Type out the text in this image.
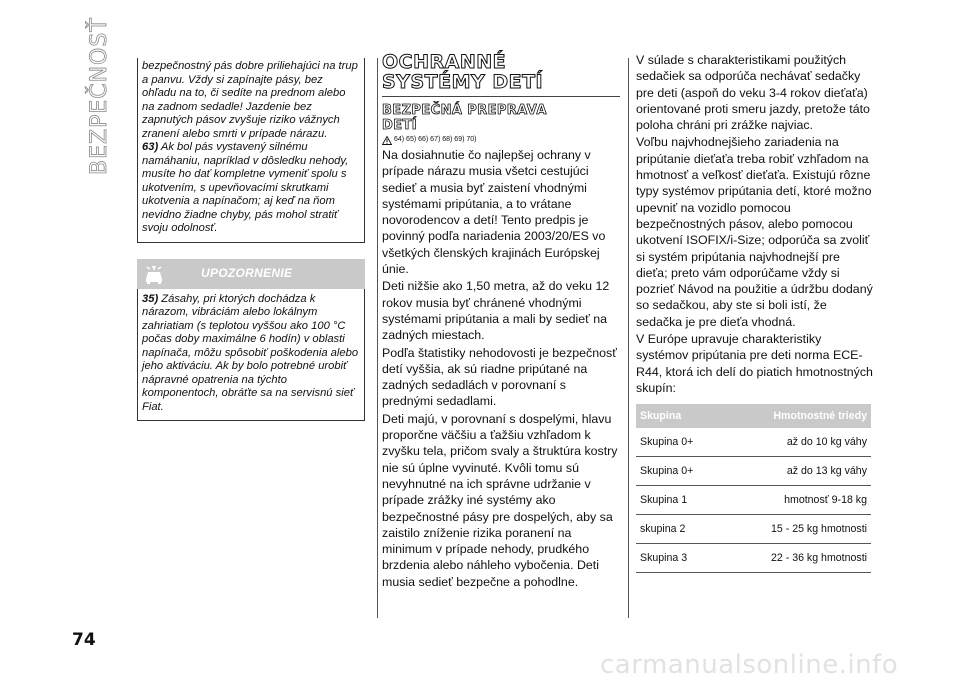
BEZPEČNOSŤ	bezpečnostný pás dobre priliehajúci na trup a panvu. Vždy si zapínajte pásy, bez ohľadu na to, či sedíte na prednom alebo na zadnom sedadle! Jazdenie bez zapnutých pásov zvyšuje riziko vážnych zranení alebo smrti v prípade nárazu.

63) Ak bol pás vystavený silnému namáhaniu, napríklad v dôsledku nehody, musíte ho dať kompletne vymeniť spolu s ukotvením, s upevňovacími skrutkami ukotvenia a napínačom; aj keď na ňom nevidno žiadne chyby, pás mohol stratiť svoju odolnosť.

UPOZORNENIE

35) Zásahy, pri ktorých dochádza k nárazom, vibráciám alebo lokálnym zahriatiam (s teplotou vyššou ako 100 °C počas doby maximálne 6 hodín) v oblasti napínača, môžu spôsobiť poškodenia alebo jeho aktiváciu. Ak by bolo potrebné urobiť nápravné opatrenia na týchto komponentoch, obráťte sa na servisnú sieť Fiat.

OCHRANNÉ
SYSTÉMY DETÍ
BEZPEČNÁ PREPRAVA
DETÍ
64) 65) 66) 67) 68) 69) 70)

Na dosiahnutie čo najlepšej ochrany v prípade nárazu musia všetci cestujúci sedieť a musia byť zaistení vhodnými systémami pripútania, a to vrátane novorodencov a detí! Tento predpis je povinný podľa nariadenia 2003/20/ES vo všetkých členských krajinách Európskej únie.

Deti nižšie ako 1,50 metra, až do veku 12 rokov musia byť chránené vhodnými systémami pripútania a mali by sedieť na zadných miestach.

Podľa štatistiky nehodovosti je bezpečnosť detí vyššia, ak sú riadne pripútané na zadných sedadlách v porovnaní s prednými sedadlami.

Deti majú, v porovnaní s dospelými, hlavu proporčne väčšiu a ťažšiu vzhľadom k zvyšku tela, pričom svaly a štruktúra kostry nie sú úplne vyvinuté. Kvôli tomu sú nevyhnutné na ich správne udržanie v prípade zrážky iné systémy ako bezpečnostné pásy pre dospelých, aby sa zaistilo zníženie rizika poranení na minimum v prípade nehody, prudkého brzdenia alebo náhleho vybočenia. Deti musia sedieť bezpečne a pohodlne.

V súlade s charakteristikami použitých sedačiek sa odporúča nechávať sedačky pre deti (aspoň do veku 3-4 rokov dieťaťa) orientované proti smeru jazdy, pretože táto poloha chráni pri zrážke najviac.

Voľbu najvhodnejšieho zariadenia na pripútanie dieťaťa treba robiť vzhľadom na hmotnosť a veľkosť dieťaťa. Existujú rôzne typy systémov pripútania detí, ktoré možno upevniť na vozidlo pomocou bezpečnostných pásov, alebo pomocou ukotvení ISOFIX/i-Size; odporúča sa zvoliť si systém pripútania najvhodnejší pre dieťa; preto vám odporúčame vždy si pozrieť Návod na použitie a údržbu dodaný so sedačkou, aby ste si boli istí, že sedačka je pre dieťa vhodná.

V Európe upravuje charakteristiky systémov pripútania pre deti norma ECE-R44, ktorá ich delí do piatich hmotnostných skupín:

Skupina	Hmotnostné triedy
Skupina 0+	až do 10 kg váhy
Skupina 0+	až do 13 kg váhy
Skupina 1	hmotnosť 9-18 kg
skupina 2	15 - 25 kg hmotnosti
Skupina 3	22 - 36 kg hmotnosti
74
carmanualsonline.info
